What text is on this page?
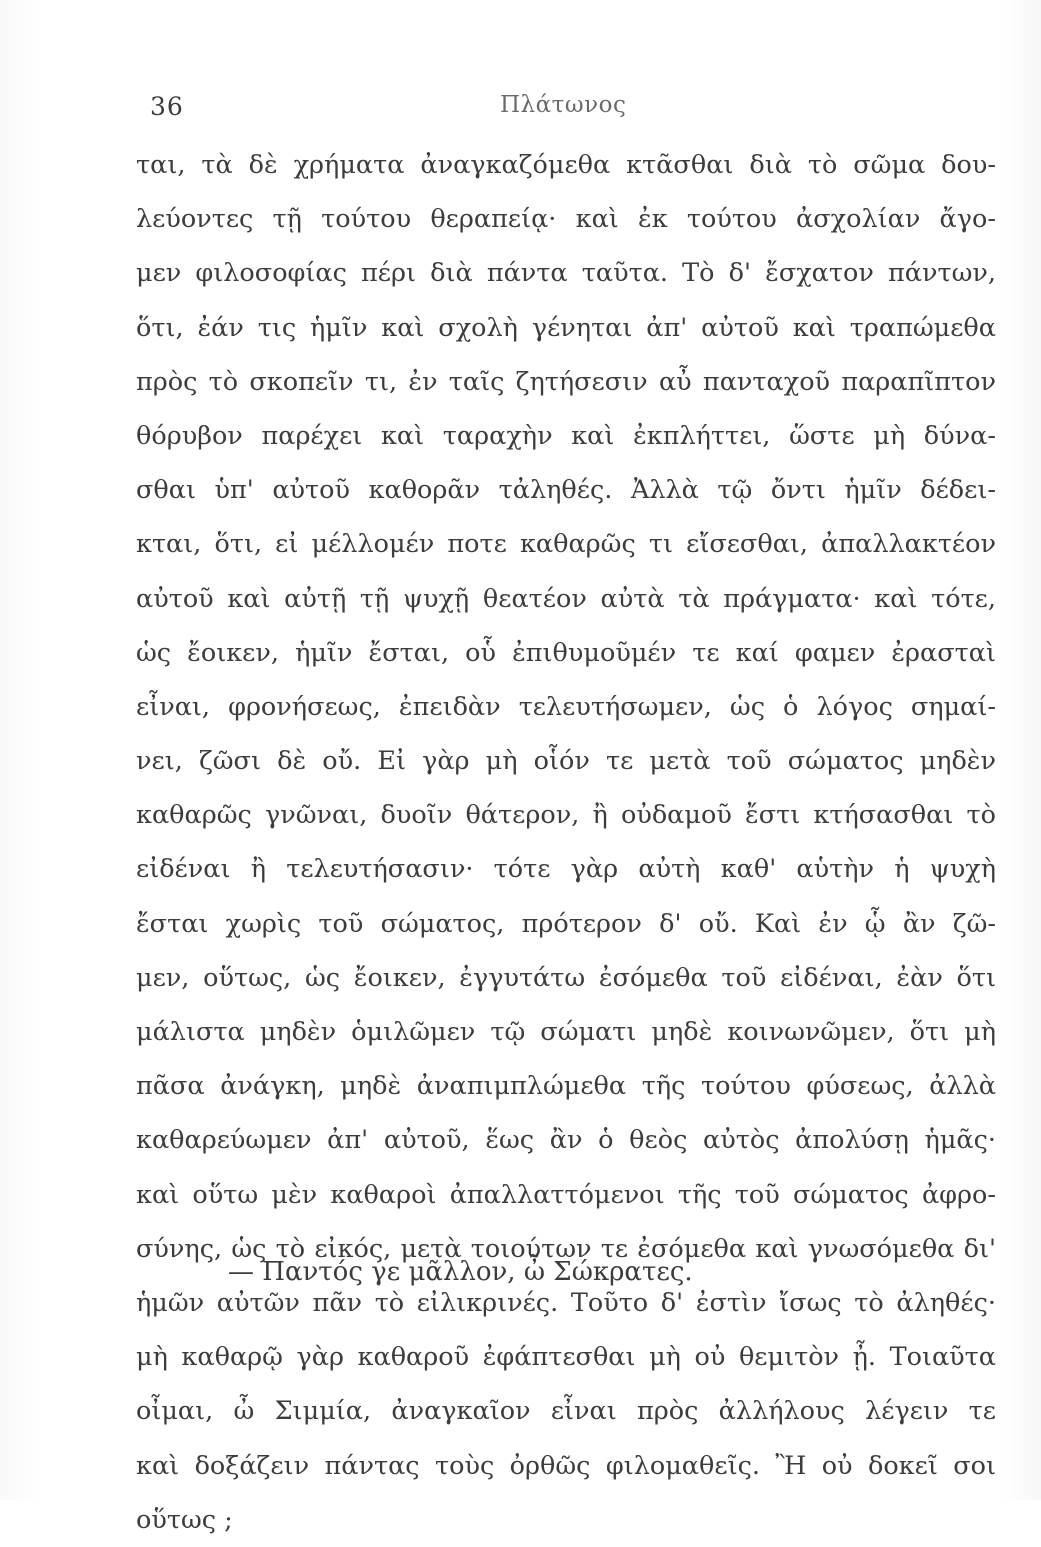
36	Πλάτωνος
ται, τὰ δὲ χρήματα ἀναγκαζόμεθα κτᾶσθαι διὰ τὸ σῶμα δου-
λεύοντες τῇ τούτου θεραπείᾳ· καὶ ἐκ τούτου ἀσχολίαν ἄγο-
μεν φιλοσοφίας πέρι διὰ πάντα ταῦτα. Τὸ δ' ἔσχατον πάντων,
ὅτι, ἐάν τις ἡμῖν καὶ σχολὴ γένηται ἀπ' αὐτοῦ καὶ τραπώμεθα
πρὸς τὸ σκοπεῖν τι, ἐν ταῖς ζητήσεσιν αὖ πανταχοῦ παραπῖπτον
θόρυβον παρέχει καὶ ταραχὴν καὶ ἐκπλήττει, ὥστε μὴ δύνα-
σθαι ὑπ' αὐτοῦ καθορᾶν τἀληθές. Ἀλλὰ τῷ ὄντι ἡμῖν δέδει-
κται, ὅτι, εἰ μέλλομέν ποτε καθαρῶς τι εἴσεσθαι, ἀπαλλακτέον
αὐτοῦ καὶ αὐτῇ τῇ ψυχῇ θεατέον αὐτὰ τὰ πράγματα· καὶ τότε,
ὡς ἔοικεν, ἡμῖν ἔσται, οὗ ἐπιθυμοῦμέν τε καί φαμεν ἐρασταὶ
εἶναι, φρονήσεως, ἐπειδὰν τελευτήσωμεν, ὡς ὁ λόγος σημαί-
νει, ζῶσι δὲ οὔ. Εἰ γὰρ μὴ οἷόν τε μετὰ τοῦ σώματος μηδὲν
καθαρῶς γνῶναι, δυοῖν θάτερον, ἢ οὐδαμοῦ ἔστι κτήσασθαι τὸ
εἰδέναι ἢ τελευτήσασιν· τότε γὰρ αὐτὴ καθ' αὑτὴν ἡ ψυχὴ
ἔσται χωρὶς τοῦ σώματος, πρότερον δ' οὔ. Καὶ ἐν ᾧ ἂν ζῶ-
μεν, οὕτως, ὡς ἔοικεν, ἐγγυτάτω ἐσόμεθα τοῦ εἰδέναι, ἐὰν ὅτι
μάλιστα μηδὲν ὁμιλῶμεν τῷ σώματι μηδὲ κοινωνῶμεν, ὅτι μὴ
πᾶσα ἀνάγκη, μηδὲ ἀναπιμπλώμεθα τῆς τούτου φύσεως, ἀλλὰ
καθαρεύωμεν ἀπ' αὐτοῦ, ἕως ἂν ὁ θεὸς αὐτὸς ἀπολύσῃ ἡμᾶς·
καὶ οὕτω μὲν καθαροὶ ἀπαλλαττόμενοι τῆς τοῦ σώματος ἀφρο-
σύνης, ὡς τὸ εἰκός, μετὰ τοιούτων τε ἐσόμεθα καὶ γνωσόμεθα δι'
ἡμῶν αὐτῶν πᾶν τὸ εἰλικρινές. Τοῦτο δ' ἐστὶν ἴσως τὸ ἀληθές·
μὴ καθαρῷ γὰρ καθαροῦ ἐφάπτεσθαι μὴ οὐ θεμιτὸν ᾖ. Τοιαῦτα
οἶμαι, ὦ Σιμμία, ἀναγκαῖον εἶναι πρὸς ἀλλήλους λέγειν τε
καὶ δοξάζειν πάντας τοὺς ὀρθῶς φιλομαθεῖς. Ἢ οὐ δοκεῖ σοι
οὕτως ;
— Παντός γε μᾶλλον, ὦ Σώκρατες.
